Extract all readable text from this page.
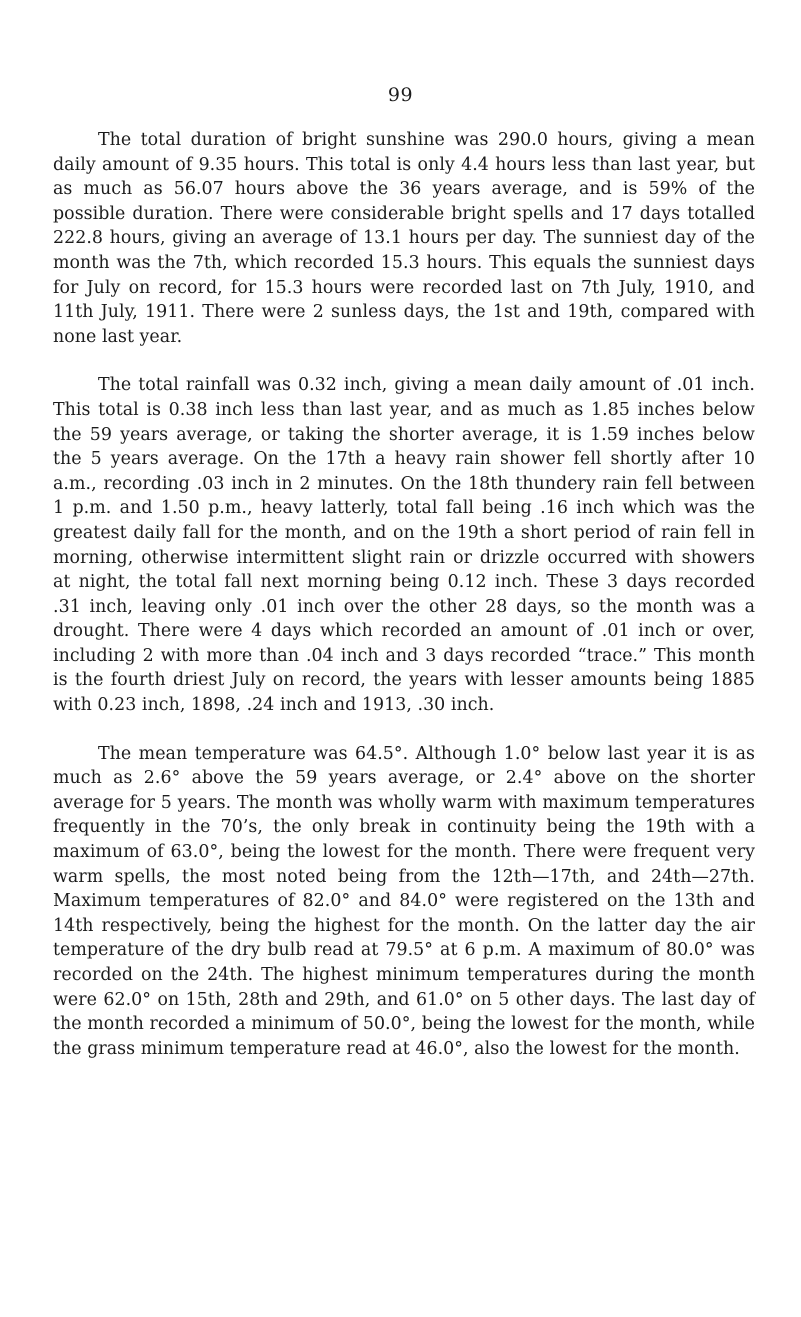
99

The total duration of bright sunshine was 290.0 hours, giving a mean daily amount of 9.35 hours. This total is only 4.4 hours less than last year, but as much as 56.07 hours above the 36 years average, and is 59% of the possible duration. There were considerable bright spells and 17 days totalled 222.8 hours, giving an average of 13.1 hours per day. The sunniest day of the month was the 7th, which recorded 15.3 hours. This equals the sunniest days for July on record, for 15.3 hours were recorded last on 7th July, 1910, and 11th July, 1911. There were 2 sunless days, the 1st and 19th, compared with none last year.

The total rainfall was 0.32 inch, giving a mean daily amount of .01 inch. This total is 0.38 inch less than last year, and as much as 1.85 inches below the 59 years average, or taking the shorter average, it is 1.59 inches below the 5 years average. On the 17th a heavy rain shower fell shortly after 10 a.m., recording .03 inch in 2 minutes. On the 18th thundery rain fell between 1 p.m. and 1.50 p.m., heavy latterly, total fall being .16 inch which was the greatest daily fall for the month, and on the 19th a short period of rain fell in morning, otherwise intermittent slight rain or drizzle occurred with showers at night, the total fall next morning being 0.12 inch. These 3 days recorded .31 inch, leaving only .01 inch over the other 28 days, so the month was a drought. There were 4 days which recorded an amount of .01 inch or over, including 2 with more than .04 inch and 3 days recorded “trace.” This month is the fourth driest July on record, the years with lesser amounts being 1885 with 0.23 inch, 1898, .24 inch and 1913, .30 inch.

The mean temperature was 64.5°. Although 1.0° below last year it is as much as 2.6° above the 59 years average, or 2.4° above on the shorter average for 5 years. The month was wholly warm with maximum temperatures frequently in the 70’s, the only break in continuity being the 19th with a maximum of 63.0°, being the lowest for the month. There were frequent very warm spells, the most noted being from the 12th—17th, and 24th—27th. Maximum temperatures of 82.0° and 84.0° were registered on the 13th and 14th respectively, being the highest for the month. On the latter day the air temperature of the dry bulb read at 79.5° at 6 p.m. A maximum of 80.0° was recorded on the 24th. The highest minimum temperatures during the month were 62.0° on 15th, 28th and 29th, and 61.0° on 5 other days. The last day of the month recorded a minimum of 50.0°, being the lowest for the month, while the grass minimum temperature read at 46.0°, also the lowest for the month.
